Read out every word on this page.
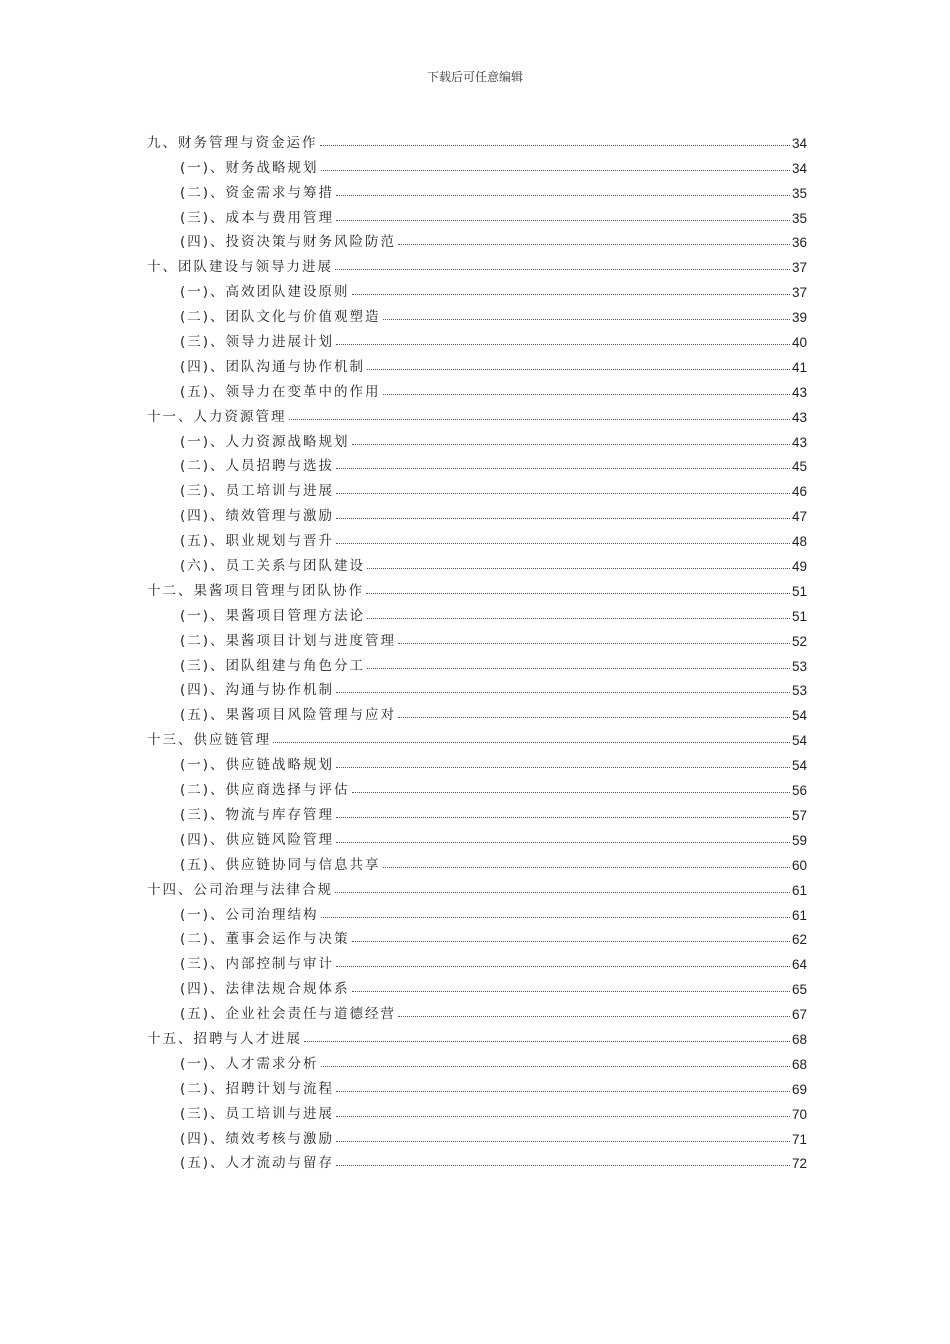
下载后可任意编辑
九、财务管理与资金运作	34
(一)、财务战略规划	34
(二)、资金需求与筹措	35
(三)、成本与费用管理	35
(四)、投资决策与财务风险防范	36
十、团队建设与领导力进展	37
(一)、高效团队建设原则	37
(二)、团队文化与价值观塑造	39
(三)、领导力进展计划	40
(四)、团队沟通与协作机制	41
(五)、领导力在变革中的作用	43
十一、人力资源管理	43
(一)、人力资源战略规划	43
(二)、人员招聘与选拔	45
(三)、员工培训与进展	46
(四)、绩效管理与激励	47
(五)、职业规划与晋升	48
(六)、员工关系与团队建设	49
十二、果酱项目管理与团队协作	51
(一)、果酱项目管理方法论	51
(二)、果酱项目计划与进度管理	52
(三)、团队组建与角色分工	53
(四)、沟通与协作机制	53
(五)、果酱项目风险管理与应对	54
十三、供应链管理	54
(一)、供应链战略规划	54
(二)、供应商选择与评估	56
(三)、物流与库存管理	57
(四)、供应链风险管理	59
(五)、供应链协同与信息共享	60
十四、公司治理与法律合规	61
(一)、公司治理结构	61
(二)、董事会运作与决策	62
(三)、内部控制与审计	64
(四)、法律法规合规体系	65
(五)、企业社会责任与道德经营	67
十五、招聘与人才进展	68
(一)、人才需求分析	68
(二)、招聘计划与流程	69
(三)、员工培训与进展	70
(四)、绩效考核与激励	71
(五)、人才流动与留存	72
